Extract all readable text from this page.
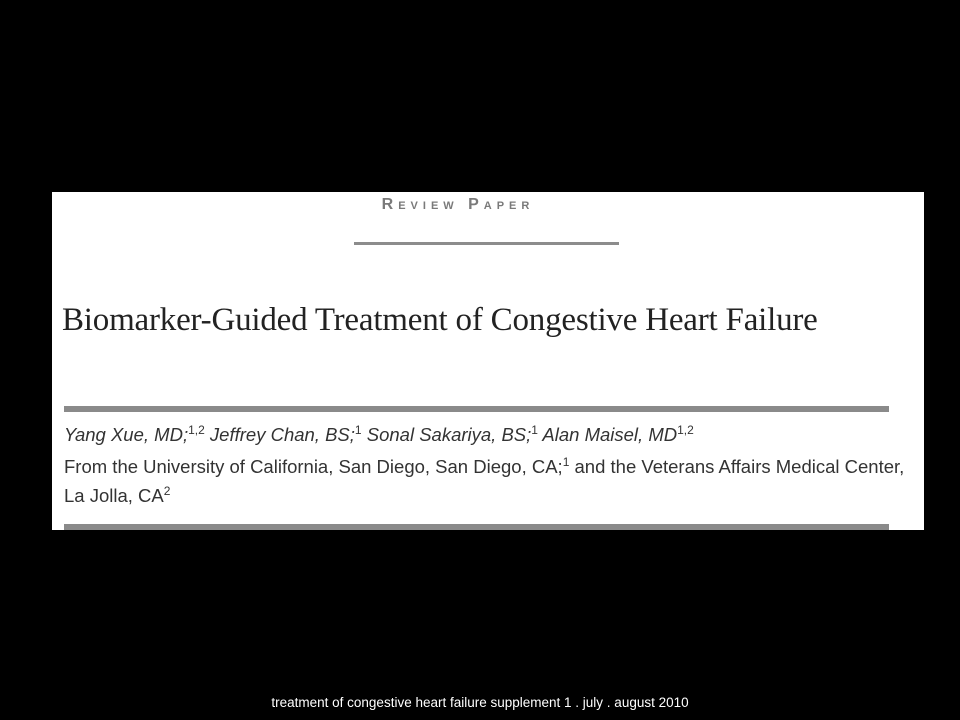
Review Paper
Biomarker-Guided Treatment of Congestive Heart Failure
Yang Xue, MD;$^{1,2}$ Jeffrey Chan, BS;$^1$ Sonal Sakariya, BS;$^1$ Alan Maisel, MD$^{1,2}$
From the University of California, San Diego, San Diego, CA;$^1$ and the Veterans Affairs Medical Center, La Jolla, $CA^2$
treatment of congestive heart failure supplement 1 . july . august 2010
